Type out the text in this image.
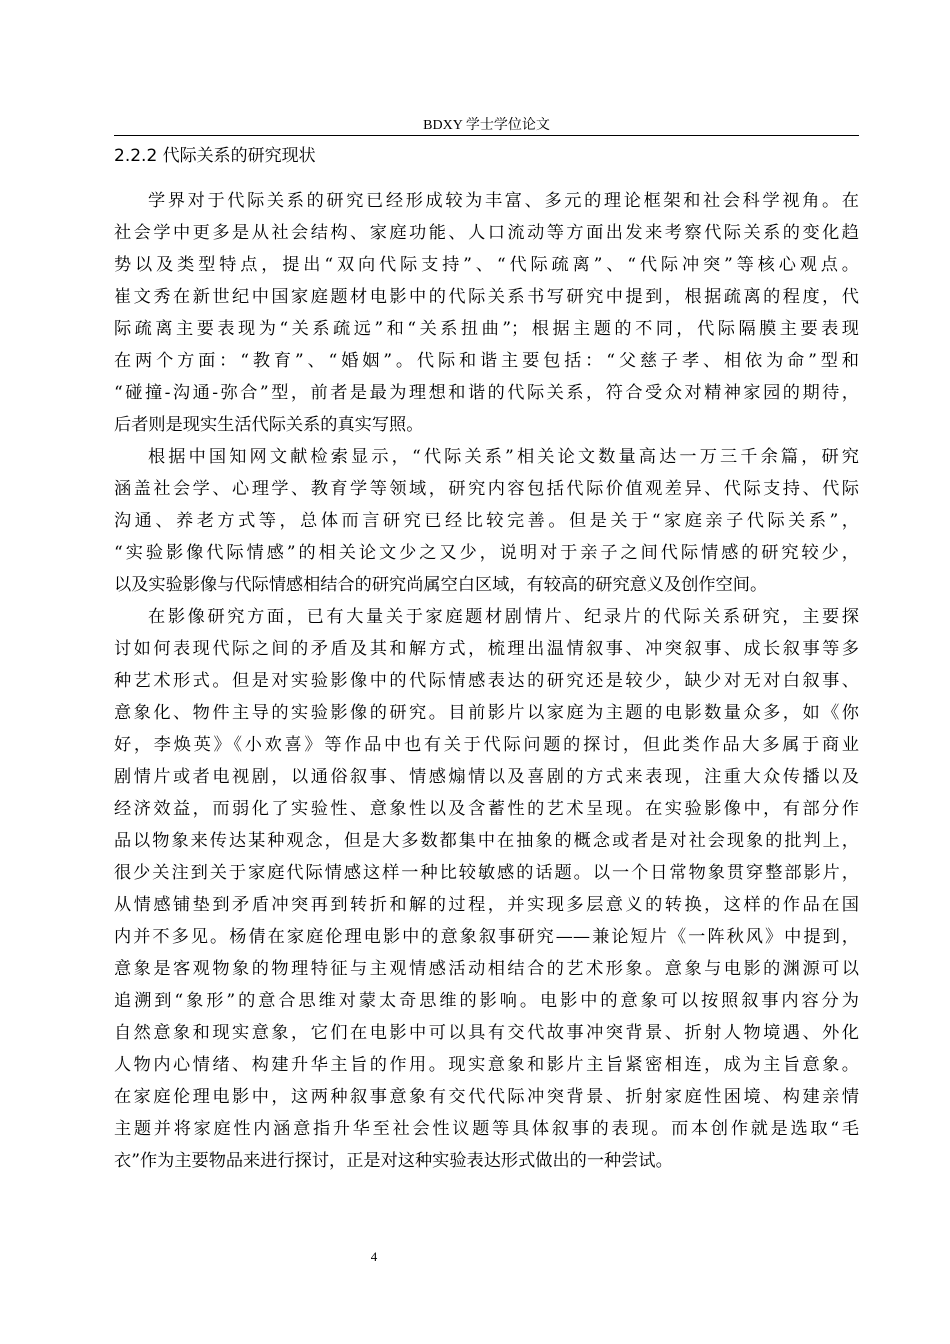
BDXY 学士学位论文
2.2.2 代际关系的研究现状
学界对于代际关系的研究已经形成较为丰富、多元的理论框架和社会科学视角。在
社会学中更多是从社会结构、家庭功能、人口流动等方面出发来考察代际关系的变化趋
势以及类型特点，提出“双向代际支持”、“代际疏离”、“代际冲突”等核心观点。
崔文秀在新世纪中国家庭题材电影中的代际关系书写研究中提到，根据疏离的程度，代
际疏离主要表现为“关系疏远”和“关系扭曲”；根据主题的不同，代际隔膜主要表现
在两个方面：“教育”、“婚姻”。代际和谐主要包括：“父慈子孝、相依为命”型和
“碰撞-沟通-弥合”型，前者是最为理想和谐的代际关系，符合受众对精神家园的期待，
后者则是现实生活代际关系的真实写照。
根据中国知网文献检索显示，“代际关系”相关论文数量高达一万三千余篇，研究
涵盖社会学、心理学、教育学等领域，研究内容包括代际价值观差异、代际支持、代际
沟通、养老方式等，总体而言研究已经比较完善。但是关于“家庭亲子代际关系”，
“实验影像代际情感”的相关论文少之又少，说明对于亲子之间代际情感的研究较少，
以及实验影像与代际情感相结合的研究尚属空白区域，有较高的研究意义及创作空间。
在影像研究方面，已有大量关于家庭题材剧情片、纪录片的代际关系研究，主要探
讨如何表现代际之间的矛盾及其和解方式，梳理出温情叙事、冲突叙事、成长叙事等多
种艺术形式。但是对实验影像中的代际情感表达的研究还是较少，缺少对无对白叙事、
意象化、物件主导的实验影像的研究。目前影片以家庭为主题的电影数量众多，如《你
好，李焕英》《小欢喜》等作品中也有关于代际问题的探讨，但此类作品大多属于商业
剧情片或者电视剧，以通俗叙事、情感煽情以及喜剧的方式来表现，注重大众传播以及
经济效益，而弱化了实验性、意象性以及含蓄性的艺术呈现。在实验影像中，有部分作
品以物象来传达某种观念，但是大多数都集中在抽象的概念或者是对社会现象的批判上，
很少关注到关于家庭代际情感这样一种比较敏感的话题。以一个日常物象贯穿整部影片，
从情感铺垫到矛盾冲突再到转折和解的过程，并实现多层意义的转换，这样的作品在国
内并不多见。杨倩在家庭伦理电影中的意象叙事研究——兼论短片《一阵秋风》中提到，
意象是客观物象的物理特征与主观情感活动相结合的艺术形象。意象与电影的渊源可以
追溯到“象形”的意合思维对蒙太奇思维的影响。电影中的意象可以按照叙事内容分为
自然意象和现实意象，它们在电影中可以具有交代故事冲突背景、折射人物境遇、外化
人物内心情绪、构建升华主旨的作用。现实意象和影片主旨紧密相连，成为主旨意象。
在家庭伦理电影中，这两种叙事意象有交代代际冲突背景、折射家庭性困境、构建亲情
主题并将家庭性内涵意指升华至社会性议题等具体叙事的表现。而本创作就是选取“毛
衣”作为主要物品来进行探讨，正是对这种实验表达形式做出的一种尝试。
4
